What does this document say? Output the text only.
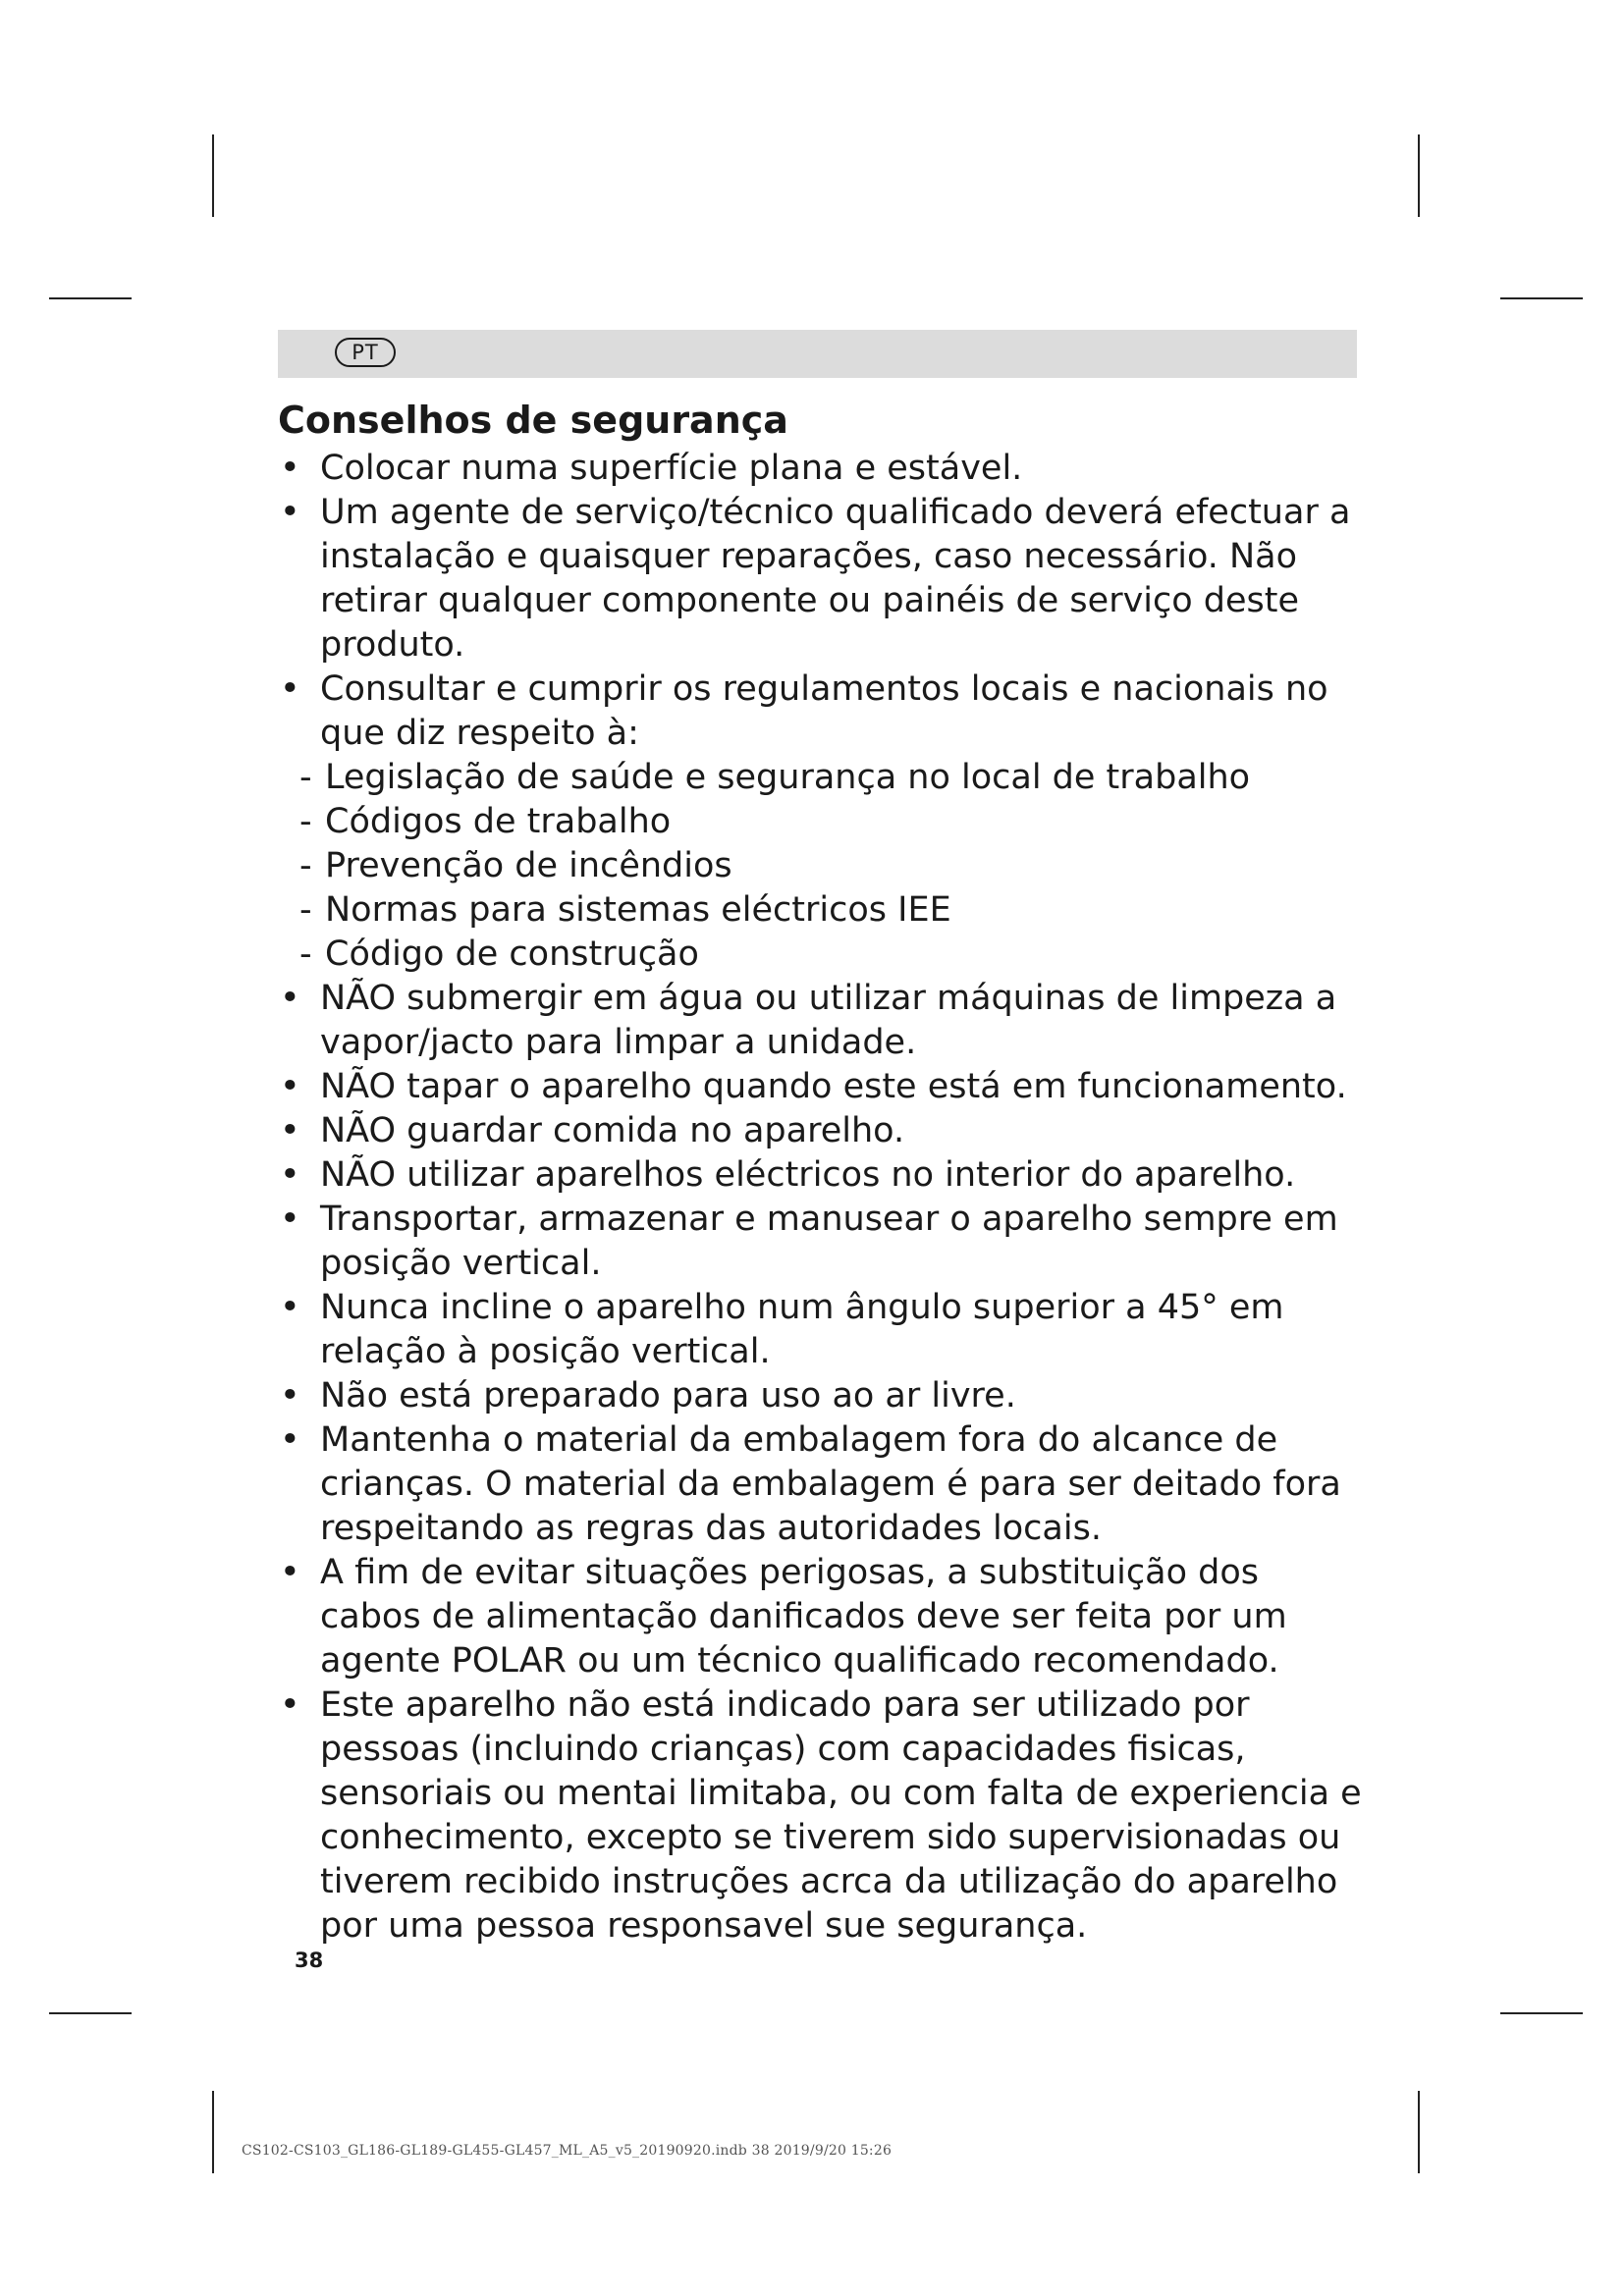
PT
Conselhos de segurança
• Colocar numa superfície plana e estável.
• Um agente de serviço/técnico qualificado deverá efectuar a instalação e quaisquer reparações, caso necessário. Não retirar qualquer componente ou painéis de serviço deste produto.
• Consultar e cumprir os regulamentos locais e nacionais no que diz respeito à:
- Legislação de saúde e segurança no local de trabalho
- Códigos de trabalho
- Prevenção de incêndios
- Normas para sistemas eléctricos IEE
- Código de construção
• NÃO submergir em água ou utilizar máquinas de limpeza a vapor/jacto para limpar a unidade.
• NÃO tapar o aparelho quando este está em funcionamento.
• NÃO guardar comida no aparelho.
• NÃO utilizar aparelhos eléctricos no interior do aparelho.
• Transportar, armazenar e manusear o aparelho sempre em posição vertical.
• Nunca incline o aparelho num ângulo superior a 45° em relação à posição vertical.
• Não está preparado para uso ao ar livre.
• Mantenha o material da embalagem fora do alcance de crianças. O material da embalagem é para ser deitado fora respeitando as regras das autoridades locais.
• A fim de evitar situações perigosas, a substituição dos cabos de alimentação danificados deve ser feita por um agente POLAR ou um técnico qualificado recomendado.
• Este aparelho não está indicado para ser utilizado por pessoas (incluindo crianças) com capacidades fisicas, sensoriais ou mentai limitaba, ou com falta de experiencia e conhecimento, excepto se tiverem sido supervisionadas ou tiverem recibido instruções acrca da utilização do aparelho por uma pessoa responsavel sue segurança.
38
CS102-CS103_GL186-GL189-GL455-GL457_ML_A5_v5_20190920.indb 38 2019/9/20 15:26
